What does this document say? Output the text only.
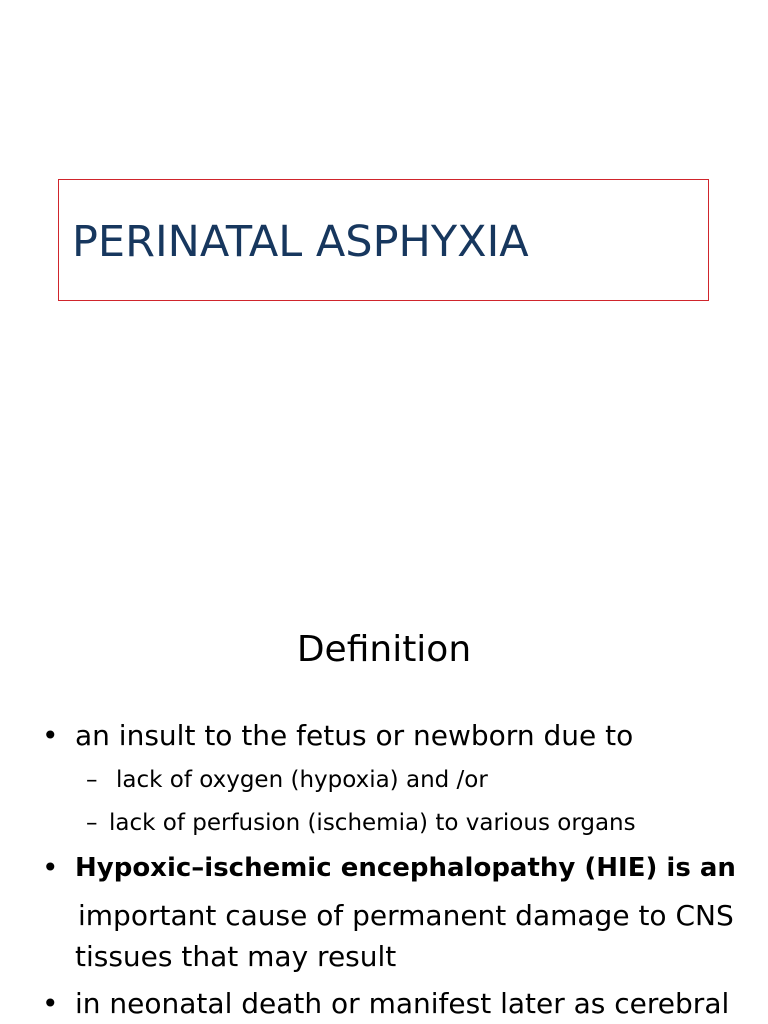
PERINATAL ASPHYXIA
Definition
• an insult to the fetus or newborn due to

– lack of oxygen (hypoxia) and /or

– lack of perfusion (ischemia) to various organs

• Hypoxic–ischemic encephalopathy (HIE) is an

important cause of permanent damage to CNS

tissues that may result

• in neonatal death or manifest later as cerebral
